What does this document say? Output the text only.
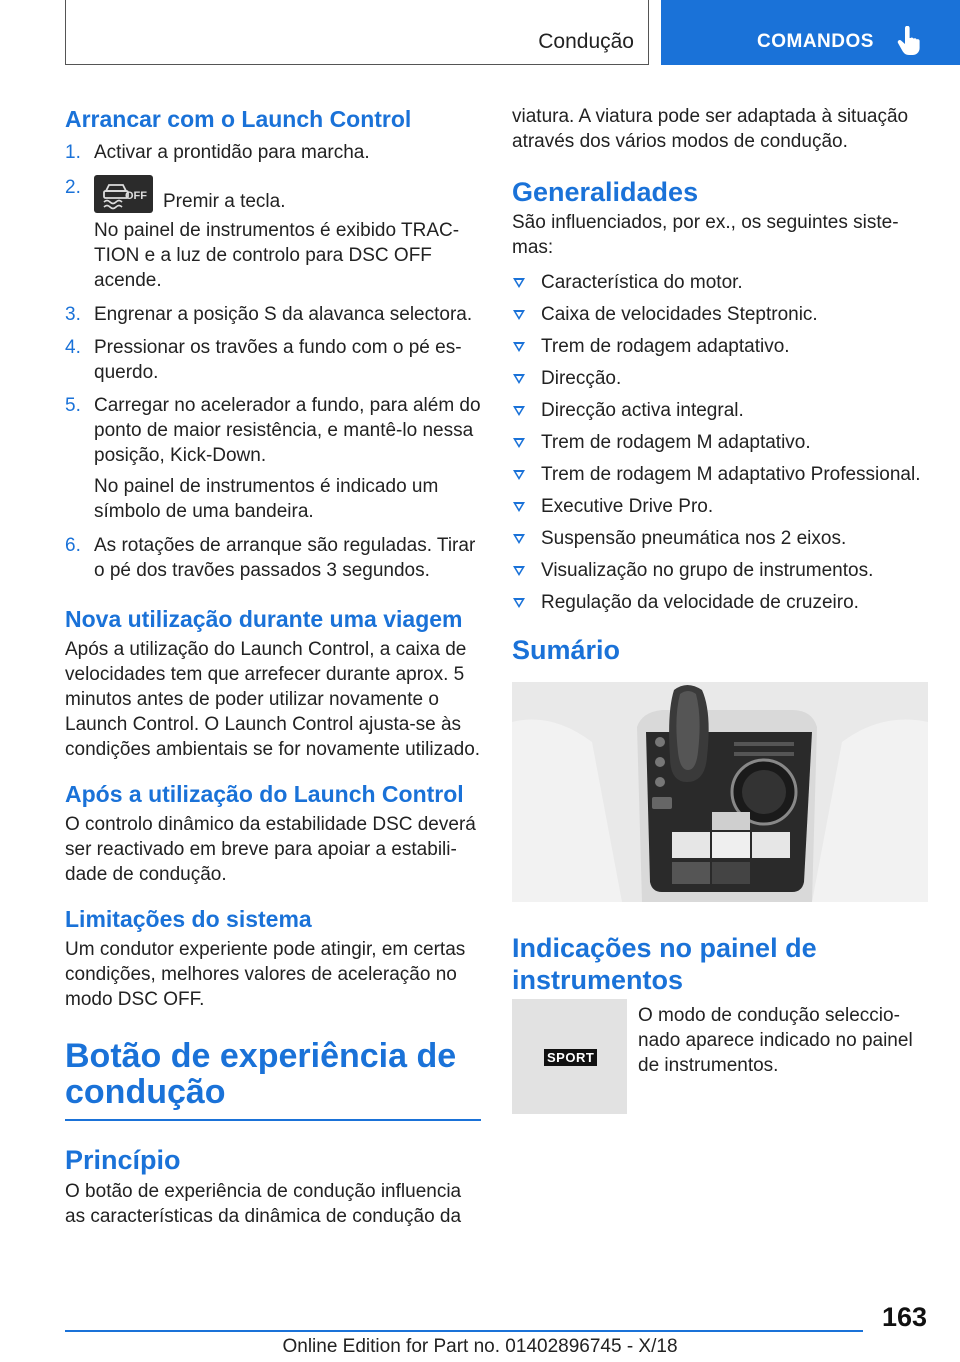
Condução	COMANDOS
Arrancar com o Launch Control
1. Activar a prontidão para marcha.
2.	OFF Premir a tecla.
No painel de instrumentos é exibido TRAC‐ TION e a luz de controlo para DSC OFF acende.
3. Engrenar a posição S da alavanca selectora.
4. Pressionar os travões a fundo com o pé es‐ querdo.
5. Carregar no acelerador a fundo, para além do ponto de maior resistência, e mantê-lo nessa posição, Kick-Down.
No painel de instrumentos é indicado um símbolo de uma bandeira.
6. As rotações de arranque são reguladas. Tirar o pé dos travões passados 3 segundos.
Nova utilização durante uma viagem
Após a utilização do Launch Control, a caixa de velocidades tem que arrefecer durante aprox. 5 minutos antes de poder utilizar novamente o Launch Control. O Launch Control ajusta-se às condições ambientais se for novamente utilizado.
Após a utilização do Launch Control
O controlo dinâmico da estabilidade DSC deverá ser reactivado em breve para apoiar a estabili‐ dade de condução.
Limitações do sistema
Um condutor experiente pode atingir, em certas condições, melhores valores de aceleração no modo DSC OFF.
Botão de experiência de condução
Princípio
O botão de experiência de condução influencia as características da dinâmica de condução da
viatura. A viatura pode ser adaptada à situação através dos vários modos de condução.
Generalidades
São influenciados, por ex., os seguintes siste‐ mas:
Característica do motor.
Caixa de velocidades Steptronic.
Trem de rodagem adaptativo.
Direcção.
Direcção activa integral.
Trem de rodagem M adaptativo.
Trem de rodagem M adaptativo Professional.
Executive Drive Pro.
Suspensão pneumática nos 2 eixos.
Visualização no grupo de instrumentos.
Regulação da velocidade de cruzeiro.
Sumário
Indicações no painel de instrumentos
SPORT
O modo de condução seleccio‐ nado aparece indicado no painel de instrumentos.
163
Online Edition for Part no. 01402896745 - X/18
